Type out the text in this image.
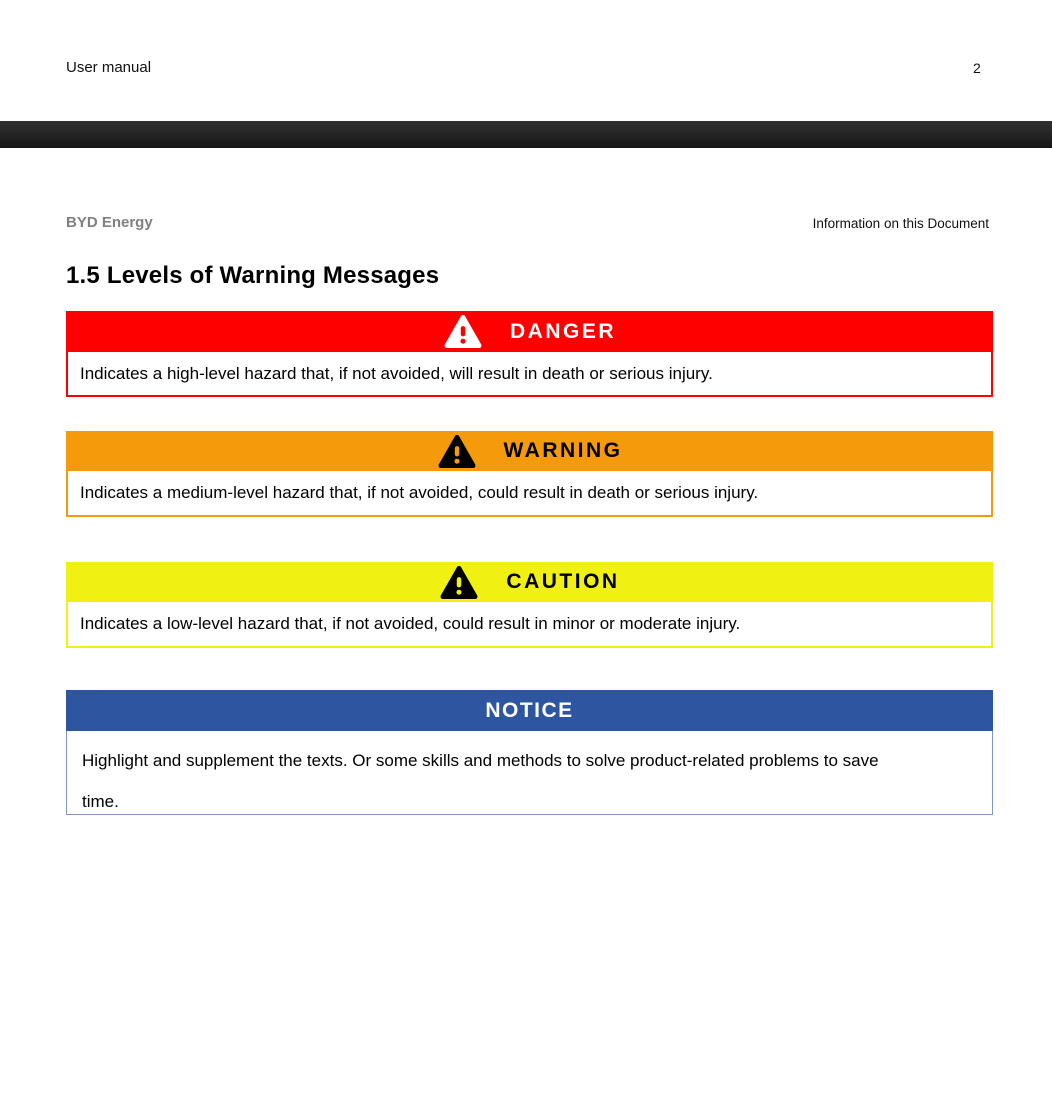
User manual	2
BYD Energy	Information on this Document
1.5 Levels of Warning Messages
DANGER
Indicates a high-level hazard that, if not avoided, will result in death or serious injury.
WARNING
Indicates a medium-level hazard that, if not avoided, could result in death or serious injury.
CAUTION
Indicates a low-level hazard that, if not avoided, could result in minor or moderate injury.
NOTICE
Highlight and supplement the texts. Or some skills and methods to solve product-related problems to save time.
